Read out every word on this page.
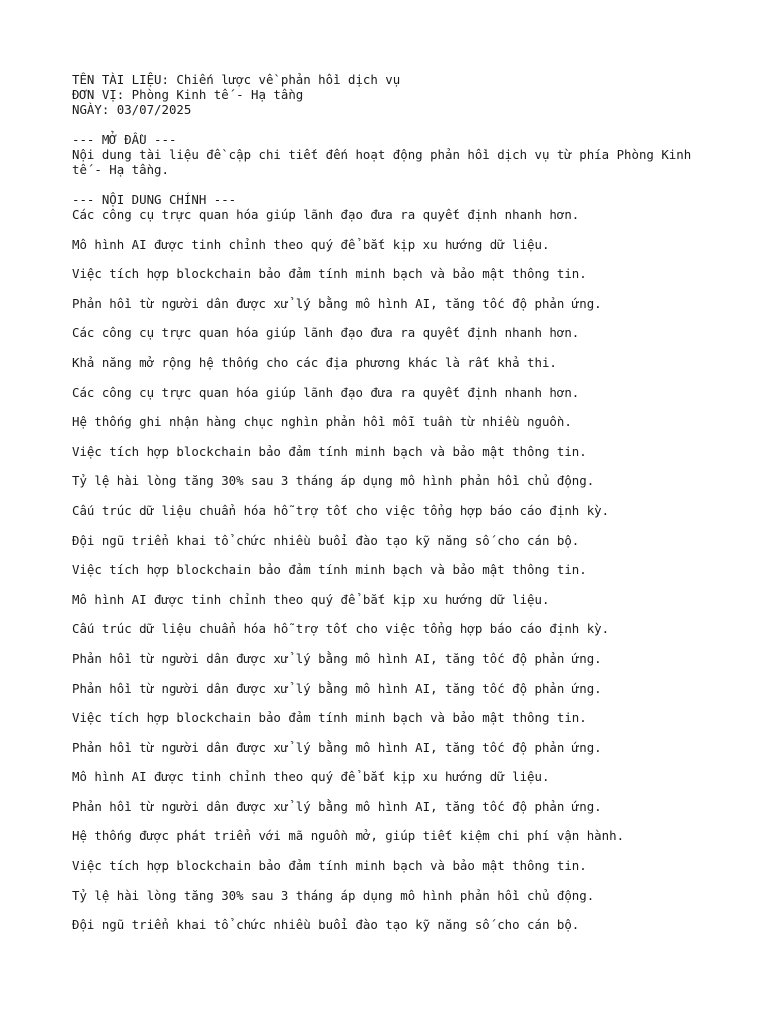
TÊN TÀI LIỆU: Chiến lược về phản hồi dịch vụ
ĐƠN VỊ: Phòng Kinh tế - Hạ tầng
NGÀY: 03/07/2025
--- MỞ ĐẦU ---
Nội dung tài liệu đề cập chi tiết đến hoạt động phản hồi dịch vụ từ phía Phòng Kinh tế - Hạ tầng.
--- NỘI DUNG CHÍNH ---
Các công cụ trực quan hóa giúp lãnh đạo đưa ra quyết định nhanh hơn.
Mô hình AI được tinh chỉnh theo quý để bắt kịp xu hướng dữ liệu.
Việc tích hợp blockchain bảo đảm tính minh bạch và bảo mật thông tin.
Phản hồi từ người dân được xử lý bằng mô hình AI, tăng tốc độ phản ứng.
Các công cụ trực quan hóa giúp lãnh đạo đưa ra quyết định nhanh hơn.
Khả năng mở rộng hệ thống cho các địa phương khác là rất khả thi.
Các công cụ trực quan hóa giúp lãnh đạo đưa ra quyết định nhanh hơn.
Hệ thống ghi nhận hàng chục nghìn phản hồi mỗi tuần từ nhiều nguồn.
Việc tích hợp blockchain bảo đảm tính minh bạch và bảo mật thông tin.
Tỷ lệ hài lòng tăng 30% sau 3 tháng áp dụng mô hình phản hồi chủ động.
Cấu trúc dữ liệu chuẩn hóa hỗ trợ tốt cho việc tổng hợp báo cáo định kỳ.
Đội ngũ triển khai tổ chức nhiều buổi đào tạo kỹ năng số cho cán bộ.
Việc tích hợp blockchain bảo đảm tính minh bạch và bảo mật thông tin.
Mô hình AI được tinh chỉnh theo quý để bắt kịp xu hướng dữ liệu.
Cấu trúc dữ liệu chuẩn hóa hỗ trợ tốt cho việc tổng hợp báo cáo định kỳ.
Phản hồi từ người dân được xử lý bằng mô hình AI, tăng tốc độ phản ứng.
Phản hồi từ người dân được xử lý bằng mô hình AI, tăng tốc độ phản ứng.
Việc tích hợp blockchain bảo đảm tính minh bạch và bảo mật thông tin.
Phản hồi từ người dân được xử lý bằng mô hình AI, tăng tốc độ phản ứng.
Mô hình AI được tinh chỉnh theo quý để bắt kịp xu hướng dữ liệu.
Phản hồi từ người dân được xử lý bằng mô hình AI, tăng tốc độ phản ứng.
Hệ thống được phát triển với mã nguồn mở, giúp tiết kiệm chi phí vận hành.
Việc tích hợp blockchain bảo đảm tính minh bạch và bảo mật thông tin.
Tỷ lệ hài lòng tăng 30% sau 3 tháng áp dụng mô hình phản hồi chủ động.
Đội ngũ triển khai tổ chức nhiều buổi đào tạo kỹ năng số cho cán bộ.
